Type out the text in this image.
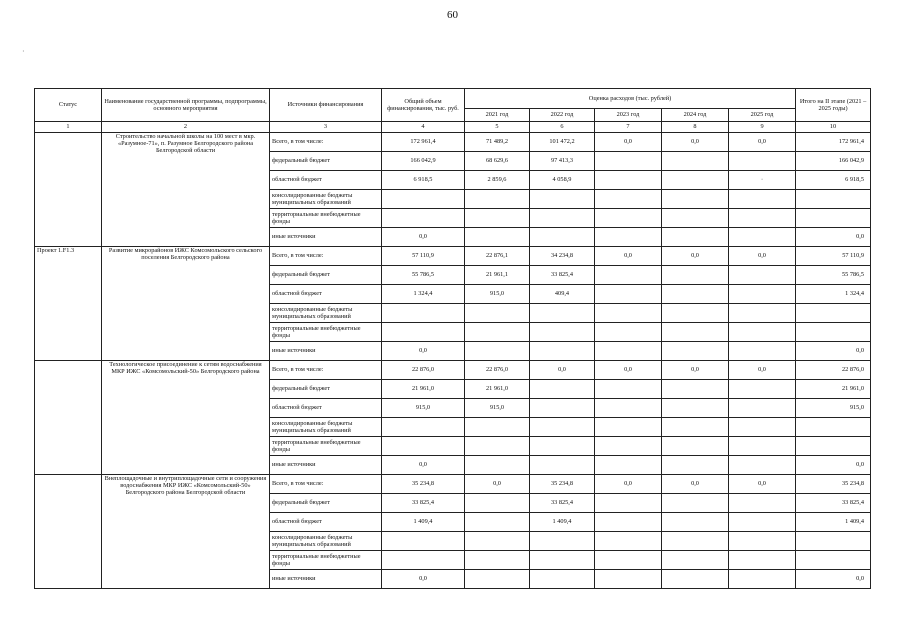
60
·
Статус	Наименование государственной программы, подпрограммы, основного мероприятия	Источники финансирования	Общий объем финансирования, тыс. руб.	Оценка расходов (тыс. рублей)					Итого на II этапе (2021 – 2025 годы)
				2021 год	2022 год	2023 год	2024 год	2025 год	
1	2	3	4	5	6	7	8	9	10
	Строительство начальной школы на 100 мест в мкр. «Разумное-71», п. Разумное Белгородского района Белгородской области	Всего, в том числе:	172 961,4	71 489,2	101 472,2	0,0	0,0	0,0	172 961,4
		федеральный бюджет	166 042,9	68 629,6	97 413,3				166 042,9
		областной бюджет	6 918,5	2 859,6	4 058,9			·	6 918,5
		консолидированные бюджеты муниципальных образований							
		территориальные внебюджетные фонды							
		иные источники	0,0						0,0
Проект 1.F1.3	Развитие микрорайонов ИЖС Комсомольского сельского поселения Белгородского района	Всего, в том числе:	57 110,9	22 876,1	34 234,8	0,0	0,0	0,0	57 110,9
		федеральный бюджет	55 786,5	21 961,1	33 825,4				55 786,5
		областной бюджет	1 324,4	915,0	409,4				1 324,4
		консолидированные бюджеты муниципальных образований							
		территориальные внебюджетные фонды							
		иные источники	0,0						0,0
	Технологическое присоединение к сетям водоснабжения МКР ИЖС «Комсомольский-50» Белгородского района	Всего, в том числе:	22 876,0	22 876,0	0,0	0,0	0,0	0,0	22 876,0
		федеральный бюджет	21 961,0	21 961,0					21 961,0
		областной бюджет	915,0	915,0					915,0
		консолидированные бюджеты муниципальных образований							
		территориальные внебюджетные фонды							
		иные источники	0,0						0,0
	Внеплощадочные и внутриплощадочные сети и сооружения водоснабжения МКР ИЖС «Комсомольский-50» Белгородского района Белгородской области	Всего, в том числе:	35 234,8	0,0	35 234,8	0,0	0,0	0,0	35 234,8
		федеральный бюджет	33 825,4		33 825,4				33 825,4
		областной бюджет	1 409,4		1 409,4				1 409,4
		консолидированные бюджеты муниципальных образований							
		территориальные внебюджетные фонды							
		иные источники	0,0						0,0
